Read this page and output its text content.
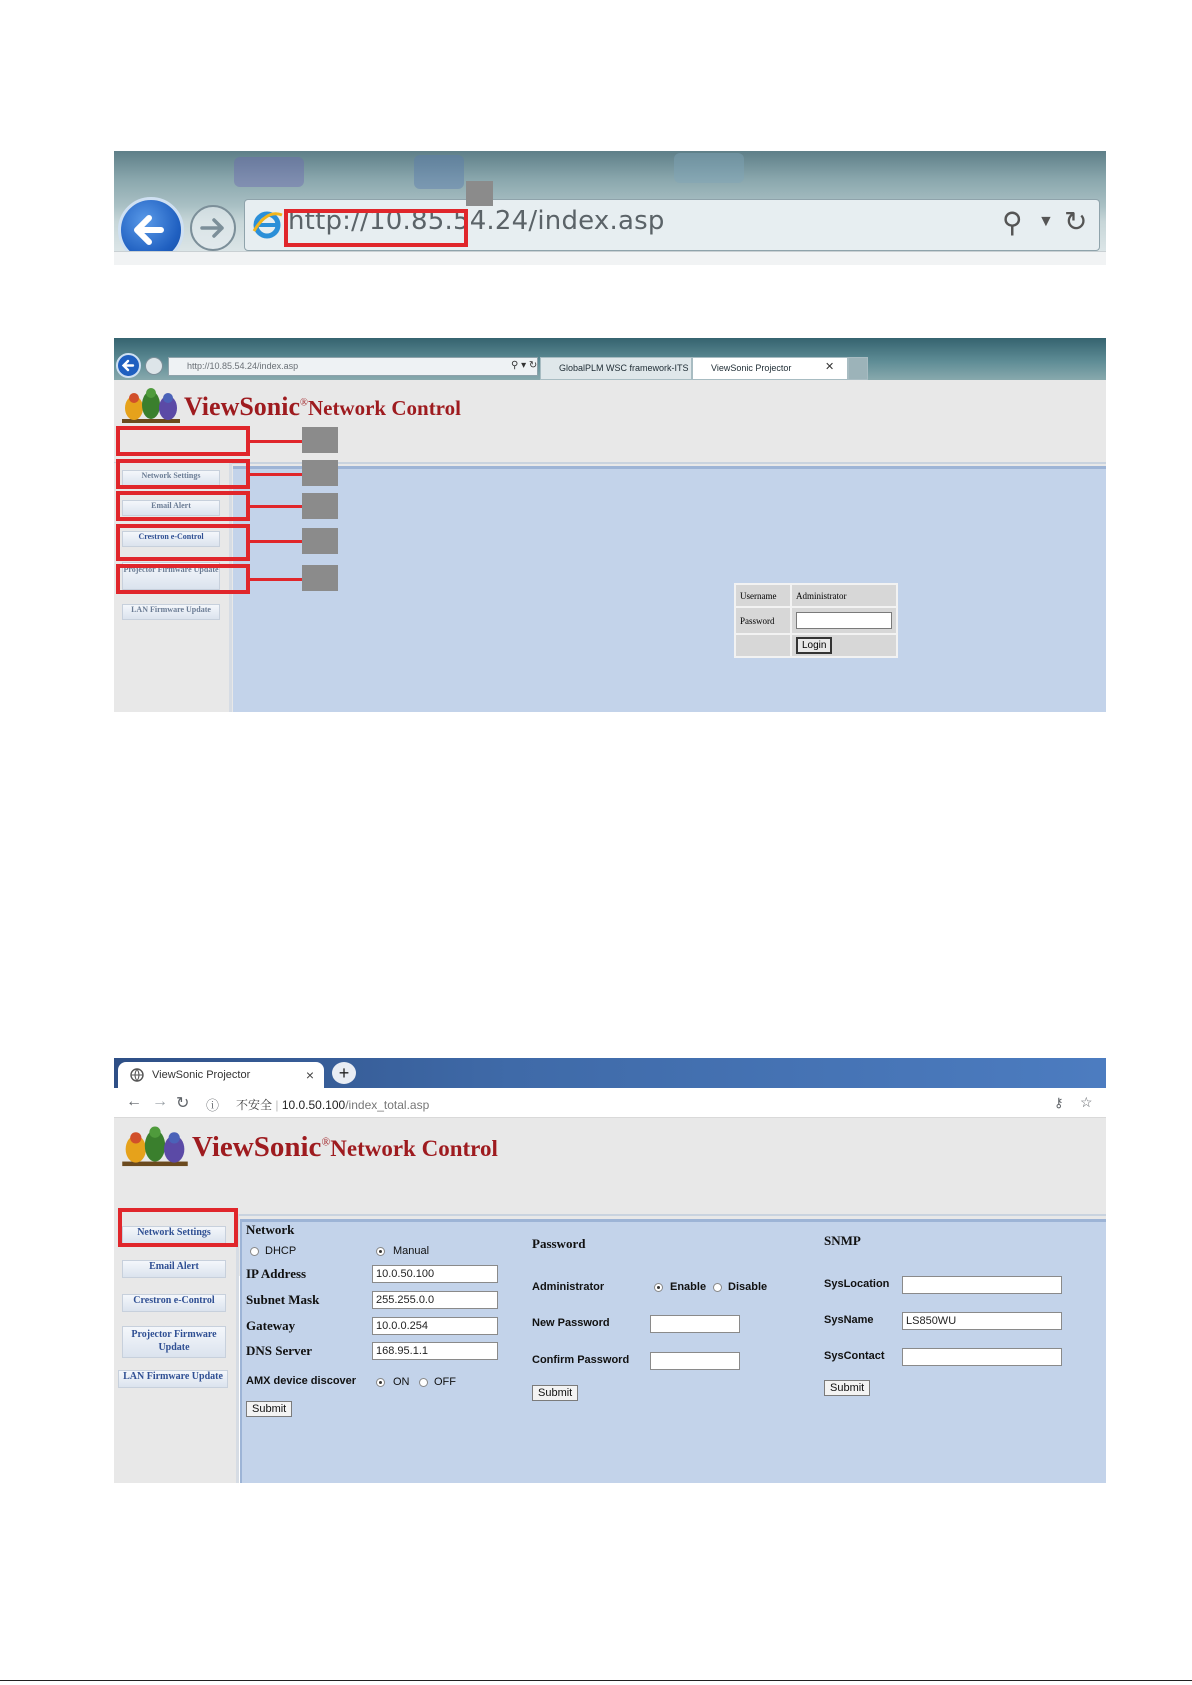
http://10.85.54.24/index.asp	⚲ ▼ ↻
http://10.85.54.24/index.asp	⚲ ▾ ↻	GlobalPLM WSC framework-ITS	ViewSonic Projector	✕
ViewSonic®Network Control
Network Settings
Email Alert
Crestron e-Control
Projector Firmware Update
LAN Firmware Update
Username	Administrator
Password	

	Login
ViewSonic Projector	×	+
← → ↻ ⓘ 不安全 | 10.0.50.100/index_total.asp	⚷ ☆
ViewSonic®Network Control
Network Settings
Email Alert
Crestron e-Control
Projector Firmware Update
LAN Firmware Update
Network
DHCP	Manual
IP Address	10.0.50.100
Subnet Mask	255.255.0.0
Gateway	10.0.0.254
DNS Server	168.95.1.1
AMX device discover	ON OFF
Submit
Password
Administrator	Enable Disable
New Password
Confirm Password
Submit
SNMP
SysLocation
SysName	LS850WU
SysContact
Submit
